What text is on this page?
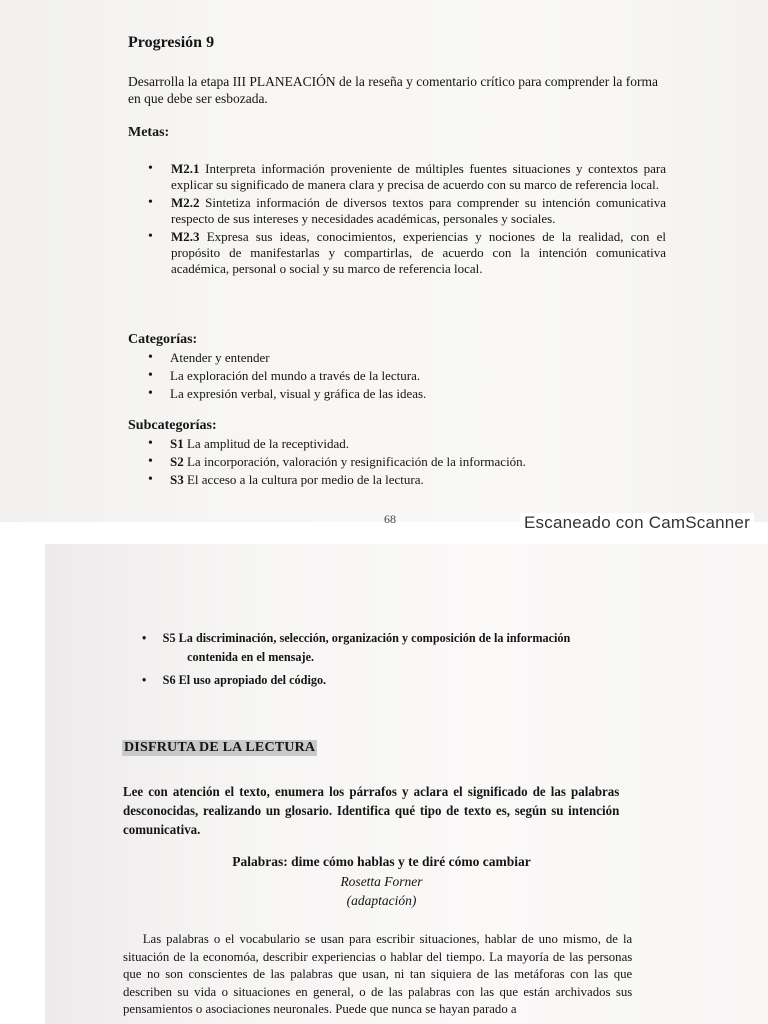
Progresión 9
Desarrolla la etapa III PLANEACIÓN de la reseña y comentario crítico para comprender la forma en que debe ser esbozada.
Metas:
• M2.1 Interpreta información proveniente de múltiples fuentes situaciones y contextos para explicar su significado de manera clara y precisa de acuerdo con su marco de referencia local.
• M2.2 Sintetiza información de diversos textos para comprender su intención comunicativa respecto de sus intereses y necesidades académicas, personales y sociales.
• M2.3 Expresa sus ideas, conocimientos, experiencias y nociones de la realidad, con el propósito de manifestarlas y compartirlas, de acuerdo con la intención comunicativa académica, personal o social y su marco de referencia local.
Categorías:
• Atender y entender
• La exploración del mundo a través de la lectura.
• La expresión verbal, visual y gráfica de las ideas.
Subcategorías:
• S1 La amplitud de la receptividad.
• S2 La incorporación, valoración y resignificación de la información.
• S3 El acceso a la cultura por medio de la lectura.
68	Escaneado con CamScanner
• S5 La discriminación, selección, organización y composición de la información
contenida en el mensaje.
• S6 El uso apropiado del código.
DISFRUTA DE LA LECTURA
Lee con atención el texto, enumera los párrafos y aclara el significado de las palabras desconocidas, realizando un glosario. Identifica qué tipo de texto es, según su intención comunicativa.
Palabras: dime cómo hablas y te diré cómo cambiar
Rosetta Forner
(adaptación)
Las palabras o el vocabulario se usan para escribir situaciones, hablar de uno mismo, de la situación de la economóa, describir experiencias o hablar del tiempo. La mayoría de las personas que no son conscientes de las palabras que usan, ni tan siquiera de las metáforas con las que describen su vida o situaciones en general, o de las palabras con las que están archivados sus pensamientos o asociaciones neuronales. Puede que nunca se hayan parado a
